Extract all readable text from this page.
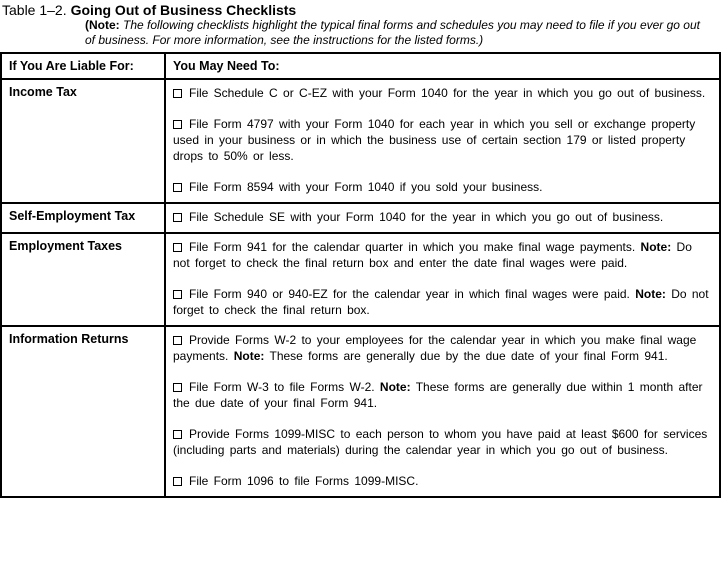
Table 1–2. Going Out of Business Checklists
(Note: The following checklists highlight the typical final forms and schedules you may need to file if you ever go out of business. For more information, see the instructions for the listed forms.)
If You Are Liable For:	You May Need To:
Income Tax	File Schedule C or C-EZ with your Form 1040 for the year in which you go out of business.

File Form 4797 with your Form 1040 for each year in which you sell or exchange property used in your business or in which the business use of certain section 179 or listed property drops to 50% or less.

File Form 8594 with your Form 1040 if you sold your business.

Self-Employment Tax	File Schedule SE with your Form 1040 for the year in which you go out of business.

Employment Taxes	File Form 941 for the calendar quarter in which you make final wage payments. Note: Do not forget to check the final return box and enter the date final wages were paid.

File Form 940 or 940-EZ for the calendar year in which final wages were paid. Note: Do not forget to check the final return box.

Information Returns	Provide Forms W-2 to your employees for the calendar year in which you make final wage payments. Note: These forms are generally due by the due date of your final Form 941.

File Form W-3 to file Forms W-2. Note: These forms are generally due within 1 month after the due date of your final Form 941.

Provide Forms 1099-MISC to each person to whom you have paid at least $600 for services (including parts and materials) during the calendar year in which you go out of business.

File Form 1096 to file Forms 1099-MISC.
